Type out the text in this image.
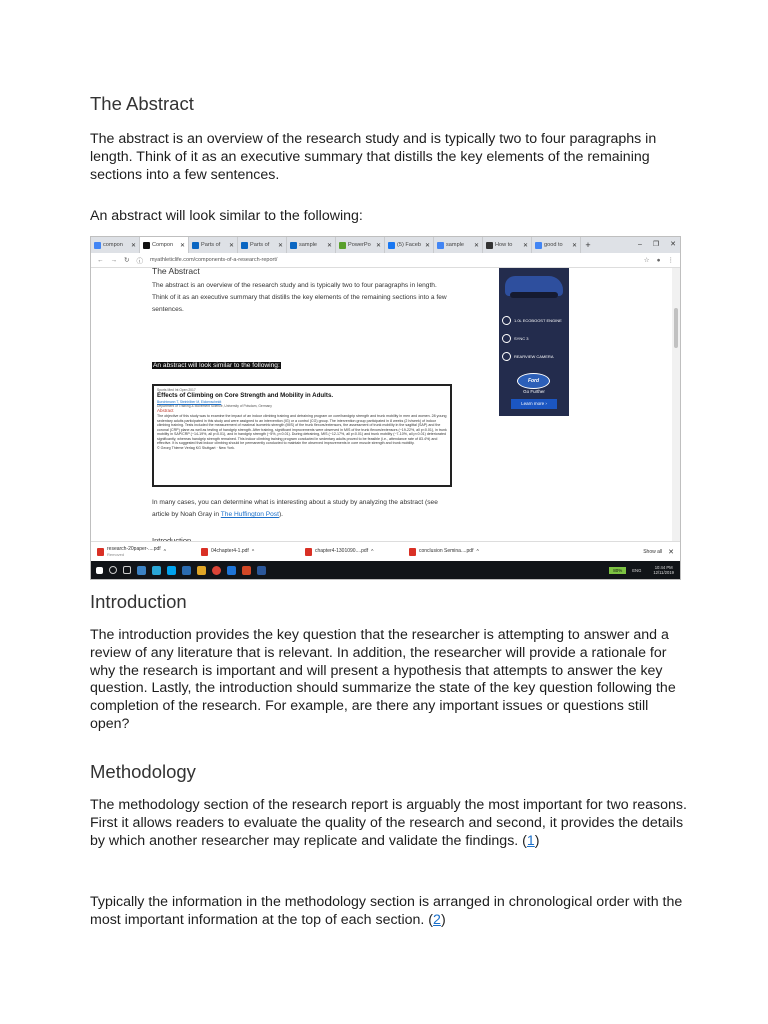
The Abstract

The abstract is an overview of the research study and is typically two to four paragraphs in length. Think of it as an executive summary that distills the key elements of the remaining sections into a few sentences.

An abstract will look similar to the following:

compon ✕	Compon ✕	Parts of ✕	Parts of ✕	sample ✕	PowerPo ✕	(5) Faceb ✕	sample ✕	How to ✕	good to ✕ +	– ❐ ✕
← → ↻ ⓘ myathleticlife.com/components-of-a-research-report/	☆ ● ⋮
The Abstract
The abstract is an overview of the research study and is typically two to four paragraphs in length. Think of it as an executive summary that distills the key elements of the remaining sections into a few sentences.
An abstract will look similar to the following:
Sports Med Int Open 2017
Effects of Climbing on Core Strength and Mobility in Adults.
Buechtmann T, Steinhilber M, Eickenscheidt
Department of Training & Movement Science, University of Potsdam, Germany
Abstract
The objective of this study was to examine the impact of an indoor climbing training and detraining program on core/handgrip strength and trunk mobility in men and women. 28 young sedentary adults participated in this study and were assigned to an intervention (IG) or a control (CG) group. The intervention group participated in 8 weeks (2 h/week) of indoor climbing training. Tests included the measurement of maximal isometric strength (MIS) of the trunk flexors/extensors, the assessment of trunk mobility in the sagittal (SAP) and the coronal (CRP) plane as well as testing of handgrip strength. After training, significant improvements were observed in MIS of the trunk flexors/extensors (~19-22%, all p<0.01), in trunk mobility in SAP/CRP (~14-19%, all p<0.01), and in handgrip strength (~5%, p<0.01). During detraining, MIS (~12-17%, all p<0.01) and trunk mobility (~7-10%, all p<0.01) deteriorated significantly, whereas handgrip strength remained. This indoor climbing training program conducted in sedentary adults proved to be feasible (i.e., attendance rate of 83.4%) and effective. It is suggested that indoor climbing should be permanently conducted to maintain the observed improvements in core muscle strength and trunk mobility.
© Georg Thieme Verlag KG Stuttgart · New York.
In many cases, you can determine what is interesting about a study by analyzing the abstract (see article by Noah Gray in The Huffington Post).
1.0L ECOBOOST ENGINE
SYNC 3
REARVIEW CAMERA
Ford
Go Further
Learn more ›
research-20paper-....pdf
Removed	^	04chapter4-1.pdf ^	chapter4-1301090....pdf ^	conclusion Semina....pdf ^	Show all ✕
80%	ENG	10:44 PM
12/11/2019
Introduction

The introduction provides the key question that the researcher is attempting to answer and a review of any literature that is relevant. In addition, the researcher will provide a rationale for why the research is important and will present a hypothesis that attempts to answer the key question. Lastly, the introduction should summarize the state of the key question following the completion of the research. For example, are there any important issues or questions still open?

Methodology

The methodology section of the research report is arguably the most important for two reasons. First it allows readers to evaluate the quality of the research and second, it provides the details by which another researcher may replicate and validate the findings. (1)

Typically the information in the methodology section is arranged in chronological order with the most important information at the top of each section. (2)
